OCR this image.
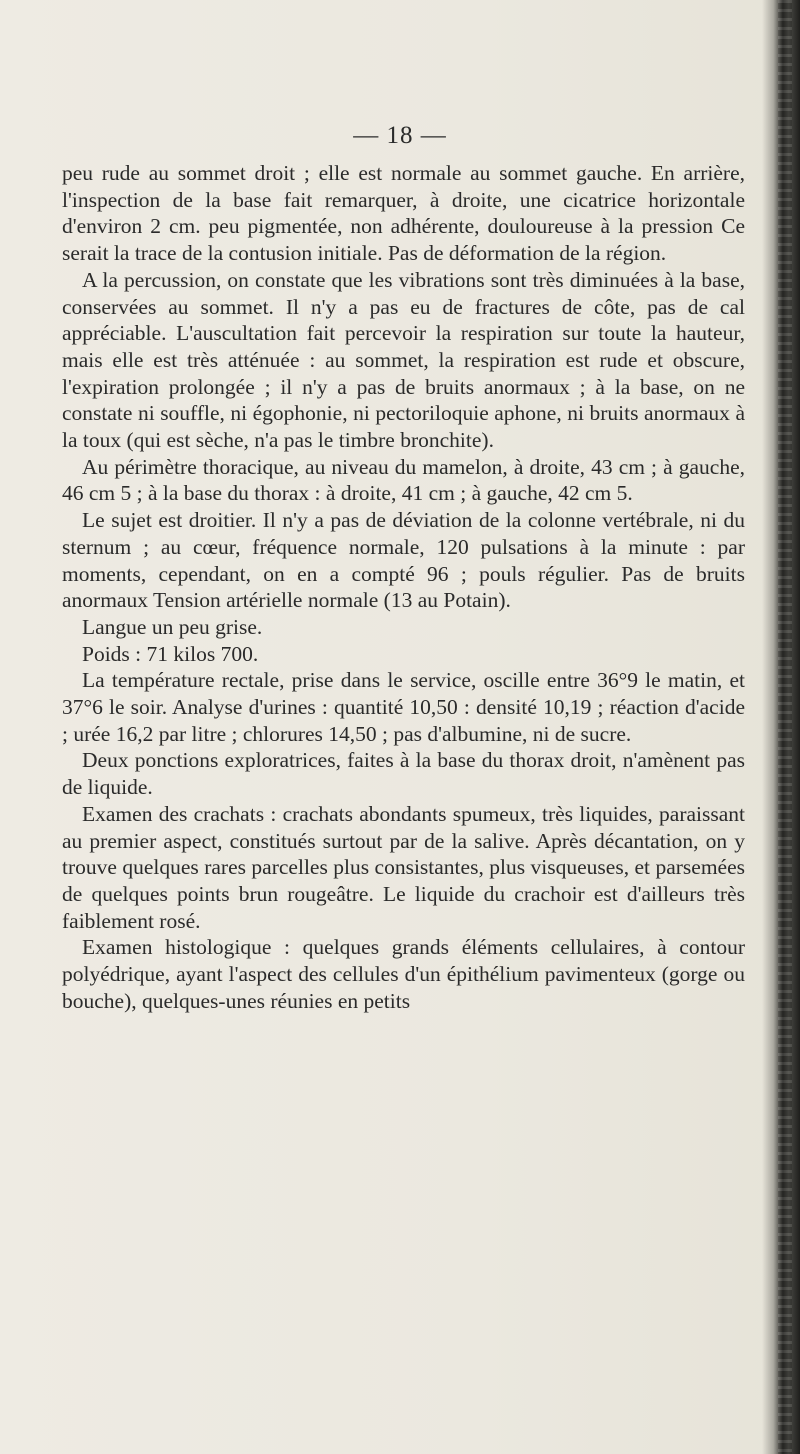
— 18 —

peu rude au sommet droit ; elle est normale au sommet gauche. En arrière, l'inspection de la base fait remarquer, à droite, une cicatrice horizontale d'environ 2 cm. peu pigmentée, non adhérente, douloureuse à la pression Ce serait la trace de la contusion initiale. Pas de déformation de la région.

A la percussion, on constate que les vibrations sont très diminuées à la base, conservées au sommet. Il n'y a pas eu de fractures de côte, pas de cal appréciable. L'auscultation fait percevoir la respiration sur toute la hauteur, mais elle est très atténuée : au sommet, la respiration est rude et obscure, l'expiration prolongée ; il n'y a pas de bruits anormaux ; à la base, on ne constate ni souffle, ni égophonie, ni pectoriloquie aphone, ni bruits anormaux à la toux (qui est sèche, n'a pas le timbre bronchite).

Au périmètre thoracique, au niveau du mamelon, à droite, 43 cm ; à gauche, 46 cm 5 ; à la base du thorax : à droite, 41 cm ; à gauche, 42 cm 5.

Le sujet est droitier. Il n'y a pas de déviation de la colonne vertébrale, ni du sternum ; au cœur, fréquence normale, 120 pulsations à la minute : par moments, cependant, on en a compté 96 ; pouls régulier. Pas de bruits anormaux Tension artérielle normale (13 au Potain).

Langue un peu grise.

Poids : 71 kilos 700.

La température rectale, prise dans le service, oscille entre 36°9 le matin, et 37°6 le soir. Analyse d'urines : quantité 10,50 : densité 10,19 ; réaction d'acide ; urée 16,2 par litre ; chlorures 14,50 ; pas d'albumine, ni de sucre.

Deux ponctions exploratrices, faites à la base du thorax droit, n'amènent pas de liquide.

Examen des crachats : crachats abondants spumeux, très liquides, paraissant au premier aspect, constitués surtout par de la salive. Après décantation, on y trouve quelques rares parcelles plus consistantes, plus visqueuses, et parsemées de quelques points brun rougeâtre. Le liquide du crachoir est d'ailleurs très faiblement rosé.

Examen histologique : quelques grands éléments cellulaires, à contour polyédrique, ayant l'aspect des cellules d'un épithélium pavimenteux (gorge ou bouche), quelques-unes réunies en petits
